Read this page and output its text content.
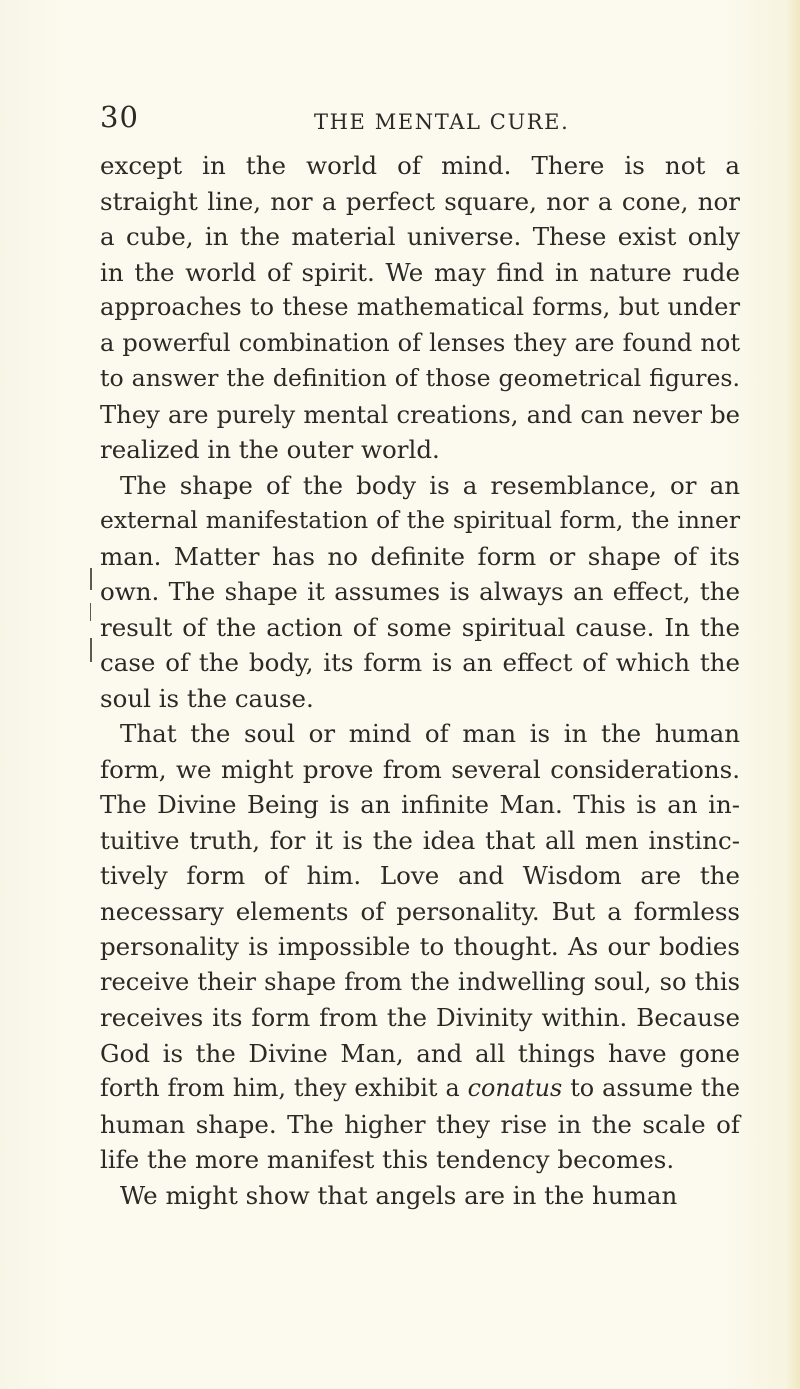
30	THE MENTAL CURE.
except in the world of mind. There is not a
straight line, nor a perfect square, nor a cone, nor
a cube, in the material universe. These exist only
in the world of spirit. We may find in nature rude
approaches to these mathematical forms, but under
a powerful combination of lenses they are found not
to answer the definition of those geometrical figures.
They are purely mental creations, and can never be
realized in the outer world.
The shape of the body is a resemblance, or an
external manifestation of the spiritual form, the inner
man. Matter has no definite form or shape of its
own. The shape it assumes is always an effect, the
result of the action of some spiritual cause. In the
case of the body, its form is an effect of which the
soul is the cause.
That the soul or mind of man is in the human
form, we might prove from several considerations.
The Divine Being is an infinite Man. This is an in-
tuitive truth, for it is the idea that all men instinc-
tively form of him. Love and Wisdom are the
necessary elements of personality. But a formless
personality is impossible to thought. As our bodies
receive their shape from the indwelling soul, so this
receives its form from the Divinity within. Because
God is the Divine Man, and all things have gone
forth from him, they exhibit a conatus to assume the
human shape. The higher they rise in the scale of
life the more manifest this tendency becomes.
We might show that angels are in the human
